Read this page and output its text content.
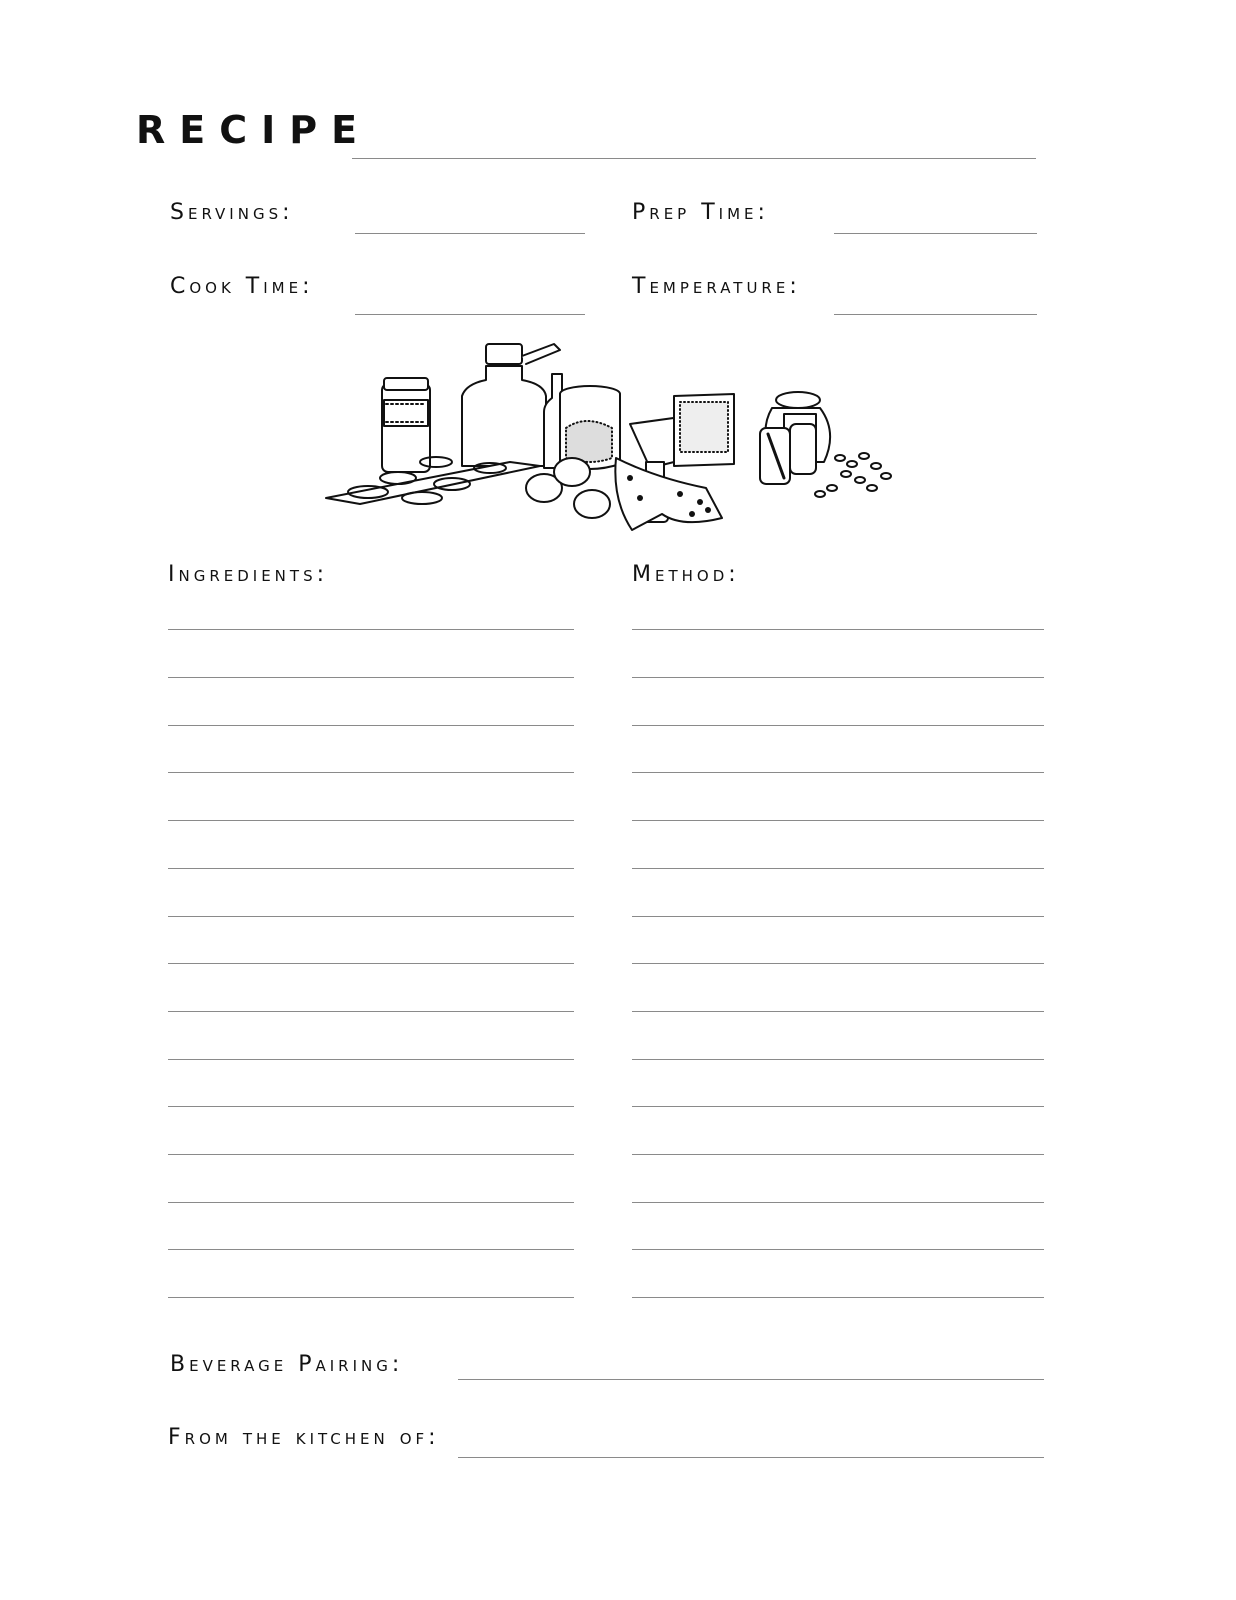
RECIPE
Servings:	Prep Time:
Cook Time:	Temperature:
Ingredients:	Method:
Beverage Pairing:
From the kitchen of:
